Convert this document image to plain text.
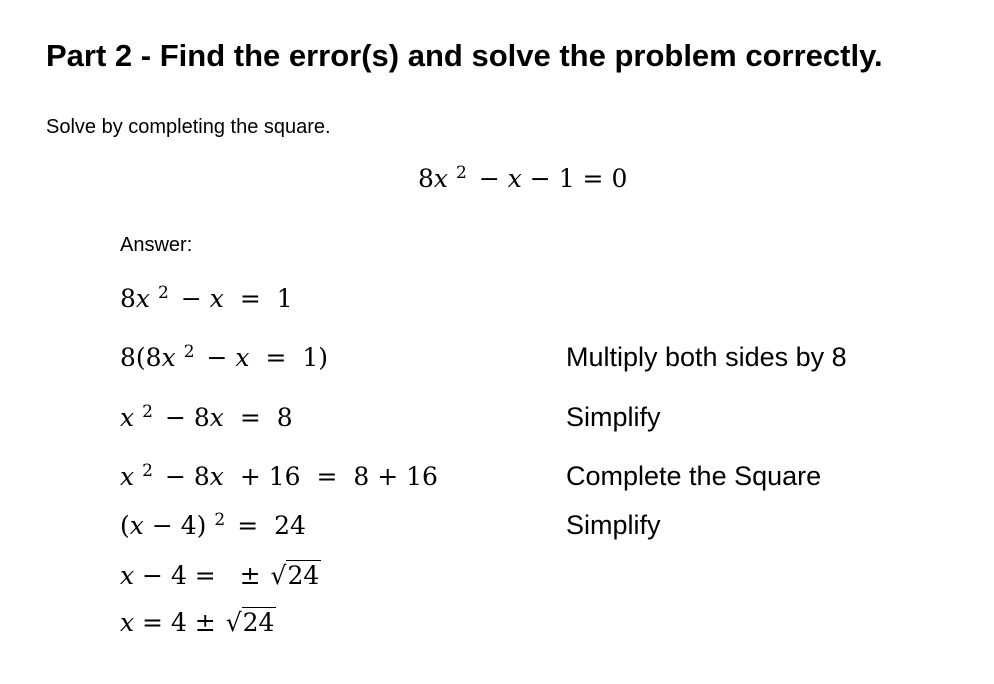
Part 2 - Find the error(s) and solve the problem correctly.
Solve by completing the square.
8x $^2$ − x − 1 = 0
Answer:
8x $^2$ − x = 1
8(8x $^2$ − x = 1)	Multiply both sides by 8
x $^2$ − 8x = 8	Simplify
x $^2$ − 8x + 16 = 8 + 16	Complete the Square
(x − 4) $^2$ = 24	Simplify
x − 4 =  ± √24
x = 4 ± √24
